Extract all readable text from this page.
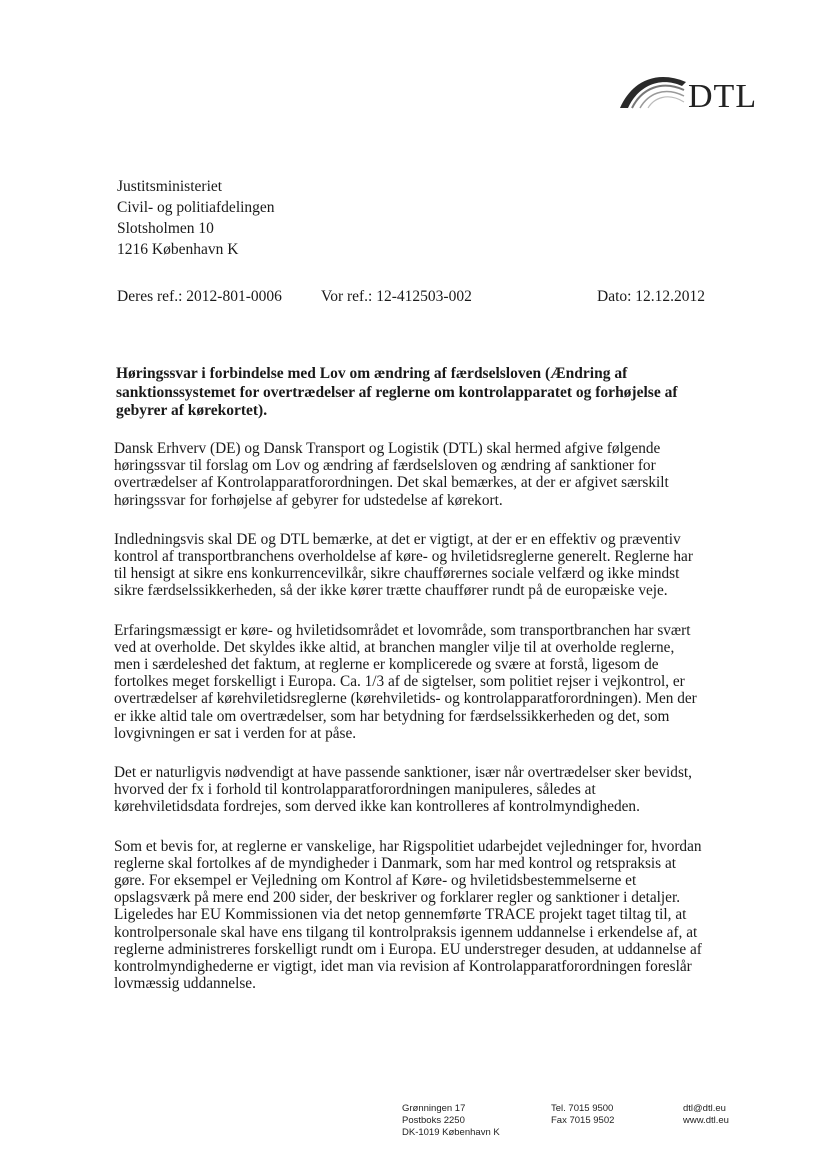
DTL
Justitsministeriet
Civil- og politiafdelingen
Slotsholmen 10
1216 København K
Deres ref.: 2012-801-0006	Vor ref.: 12-412503-002	Dato: 12.12.2012
Høringssvar i forbindelse med Lov om ændring af færdselsloven (Ændring af sanktionssystemet for overtrædelser af reglerne om kontrolapparatet og forhøjelse af gebyrer af kørekortet).

Dansk Erhverv (DE) og Dansk Transport og Logistik (DTL) skal hermed afgive følgende høringssvar til forslag om Lov og ændring af færdselsloven og ændring af sanktioner for overtrædelser af Kontrolapparatforordningen. Det skal bemærkes, at der er afgivet særskilt høringssvar for forhøjelse af gebyrer for udstedelse af kørekort.

Indledningsvis skal DE og DTL bemærke, at det er vigtigt, at der er en effektiv og præventiv kontrol af transportbranchens overholdelse af køre- og hviletidsreglerne generelt. Reglerne har til hensigt at sikre ens konkurrencevilkår, sikre chaufførernes sociale velfærd og ikke mindst sikre færdselssikkerheden, så der ikke kører trætte chauffører rundt på de europæiske veje.

Erfaringsmæssigt er køre- og hviletidsområdet et lovområde, som transportbranchen har svært ved at overholde. Det skyldes ikke altid, at branchen mangler vilje til at overholde reglerne, men i særdeleshed det faktum, at reglerne er komplicerede og svære at forstå, ligesom de fortolkes meget forskelligt i Europa. Ca. 1/3 af de sigtelser, som politiet rejser i vejkontrol, er overtrædelser af kørehviletidsreglerne (kørehviletids- og kontrolapparatforordningen). Men der er ikke altid tale om overtrædelser, som har betydning for færdselssikkerheden og det, som lovgivningen er sat i verden for at påse.

Det er naturligvis nødvendigt at have passende sanktioner, især når overtrædelser sker bevidst, hvorved der fx i forhold til kontrolapparatforordningen manipuleres, således at kørehviletidsdata fordrejes, som derved ikke kan kontrolleres af kontrolmyndigheden.

Som et bevis for, at reglerne er vanskelige, har Rigspolitiet udarbejdet vejledninger for, hvordan reglerne skal fortolkes af de myndigheder i Danmark, som har med kontrol og retspraksis at gøre. For eksempel er Vejledning om Kontrol af Køre- og hviletidsbestemmelserne et opslagsværk på mere end 200 sider, der beskriver og forklarer regler og sanktioner i detaljer. Ligeledes har EU Kommissionen via det netop gennemførte TRACE projekt taget tiltag til, at kontrolpersonale skal have ens tilgang til kontrolpraksis igennem uddannelse i erkendelse af, at reglerne administreres forskelligt rundt om i Europa. EU understreger desuden, at uddannelse af kontrolmyndighederne er vigtigt, idet man via revision af Kontrolapparatforordningen foreslår lovmæssig uddannelse.

Grønningen 17
Postboks 2250
DK-1019 København K
Tel. 7015 9500
Fax 7015 9502
dtl@dtl.eu
www.dtl.eu
